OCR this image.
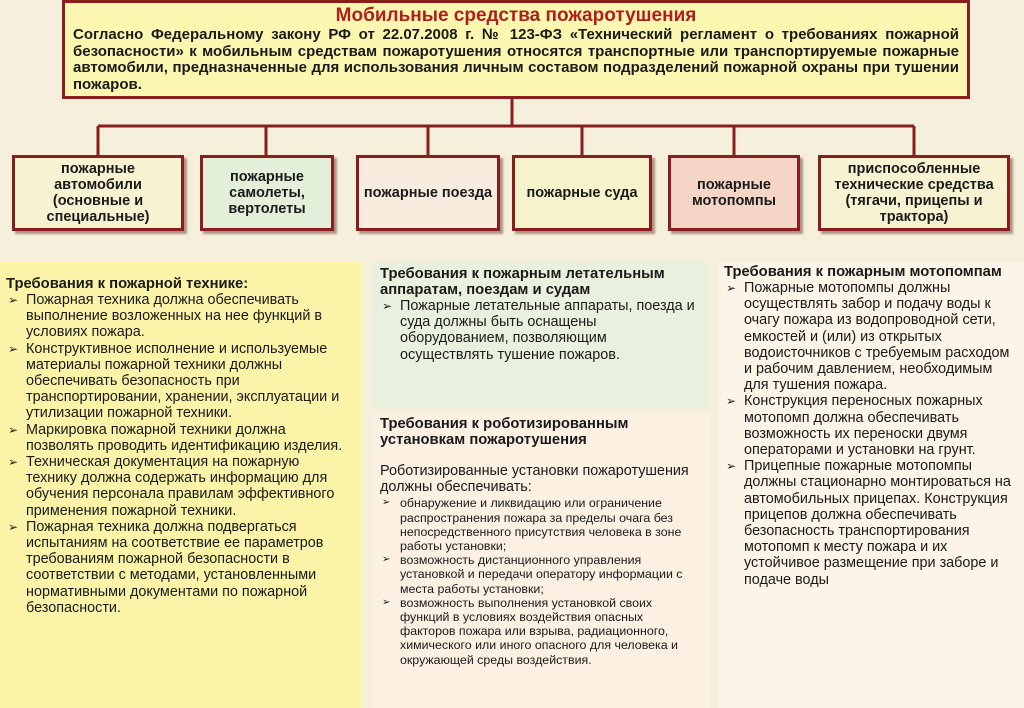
Мобильные средства пожаротушения
Согласно Федеральному закону РФ от 22.07.2008 г. № 123-ФЗ «Технический регламент о требованиях пожарной безопасности» к мобильным средствам пожаротушения относятся транспортные или транспортируемые пожарные автомобили, предназначенные для использования личным составом подразделений пожарной охраны при тушении пожаров.
пожарные автомобили (основные и специальные)
пожарные самолеты, вертолеты
пожарные поезда	пожарные суда	пожарные мотопомпы
приспособленные технические средства (тягачи, прицепы и трактора)
Требования к пожарной технике:
➢ Пожарная техника должна обеспечивать выполнение возложенных на нее функций в условиях пожара.
➢ Конструктивное исполнение и используемые материалы пожарной техники должны обеспечивать безопасность при транспортировании, хранении, эксплуатации и утилизации пожарной техники.
➢ Маркировка пожарной техники должна позволять проводить идентификацию изделия.
➢ Техническая документация на пожарную технику должна содержать информацию для обучения персонала правилам эффективного применения пожарной техники.
➢ Пожарная техника должна подвергаться испытаниям на соответствие ее параметров требованиям пожарной безопасности в соответствии с методами, установленными нормативными документами по пожарной безопасности.
Требования к пожарным летательным аппаратам, поездам и судам
➢ Пожарные летательные аппараты, поезда и суда должны быть оснащены оборудованием, позволяющим осуществлять тушение пожаров.
Требования к роботизированным установкам пожаротушения
Роботизированные установки пожаротушения должны обеспечивать:
➢ обнаружение и ликвидацию или ограничение распространения пожара за пределы очага без непосредственного присутствия человека в зоне работы установки;
➢ возможность дистанционного управления установкой и передачи оператору информации с места работы установки;
➢ возможность выполнения установкой своих функций в условиях воздействия опасных факторов пожара или взрыва, радиационного, химического или иного опасного для человека и окружающей среды воздействия.
Требования к пожарным мотопомпам
➢ Пожарные мотопомпы должны осуществлять забор и подачу воды к очагу пожара из водопроводной сети, емкостей и (или) из открытых водоисточников с требуемым расходом и рабочим давлением, необходимым для тушения пожара.
➢ Конструкция переносных пожарных мотопомп должна обеспечивать возможность их переноски двумя операторами и установки на грунт.
➢ Прицепные пожарные мотопомпы должны стационарно монтироваться на автомобильных прицепах. Конструкция прицепов должна обеспечивать безопасность транспортирования мотопомп к месту пожара и их устойчивое размещение при заборе и подаче воды
